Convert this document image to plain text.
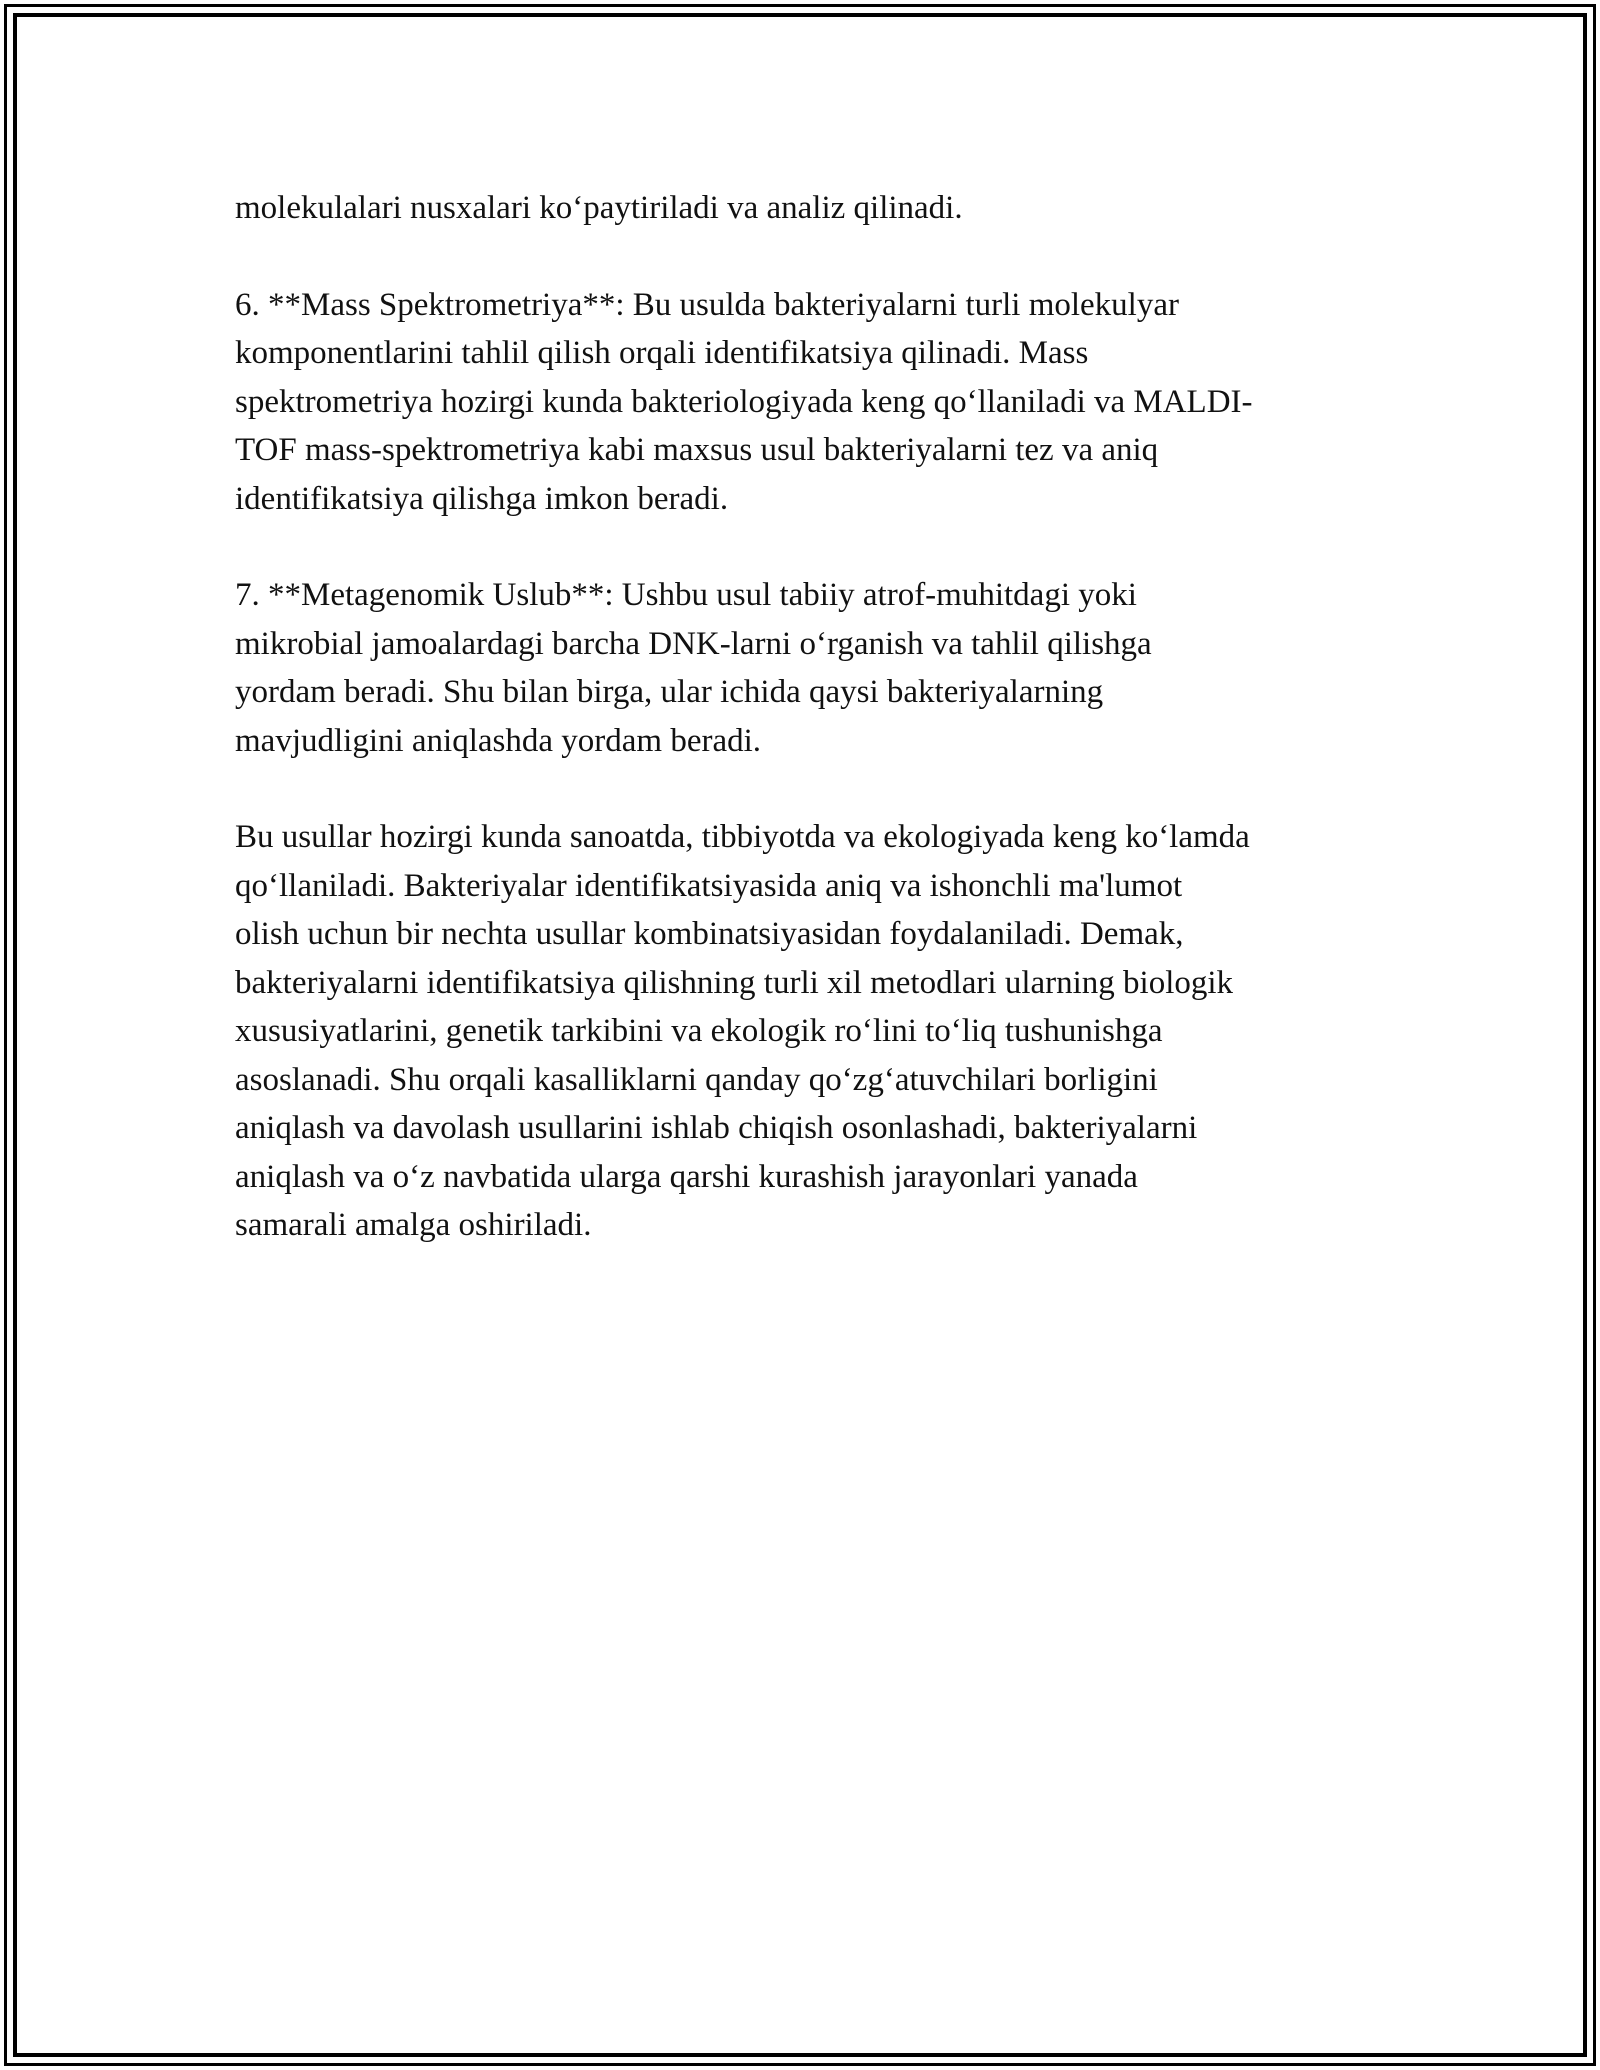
molekulalari nusxalari ko‘paytiriladi va analiz qilinadi.

6. **Mass Spektrometriya**: Bu usulda bakteriyalarni turli molekulyar
komponentlarini tahlil qilish orqali identifikatsiya qilinadi. Mass
spektrometriya hozirgi kunda bakteriologiyada keng qo‘llaniladi va MALDI-
TOF mass-spektrometriya kabi maxsus usul bakteriyalarni tez va aniq
identifikatsiya qilishga imkon beradi.

7. **Metagenomik Uslub**: Ushbu usul tabiiy atrof-muhitdagi yoki
mikrobial jamoalardagi barcha DNK-larni o‘rganish va tahlil qilishga
yordam beradi. Shu bilan birga, ular ichida qaysi bakteriyalarning
mavjudligini aniqlashda yordam beradi.

Bu usullar hozirgi kunda sanoatda, tibbiyotda va ekologiyada keng ko‘lamda
qo‘llaniladi. Bakteriyalar identifikatsiyasida aniq va ishonchli ma'lumot
olish uchun bir nechta usullar kombinatsiyasidan foydalaniladi. Demak,
bakteriyalarni identifikatsiya qilishning turli xil metodlari ularning biologik
xususiyatlarini, genetik tarkibini va ekologik ro‘lini to‘liq tushunishga
asoslanadi. Shu orqali kasalliklarni qanday qo‘zg‘atuvchilari borligini
aniqlash va davolash usullarini ishlab chiqish osonlashadi, bakteriyalarni
aniqlash va o‘z navbatida ularga qarshi kurashish jarayonlari yanada
samarali amalga oshiriladi.
